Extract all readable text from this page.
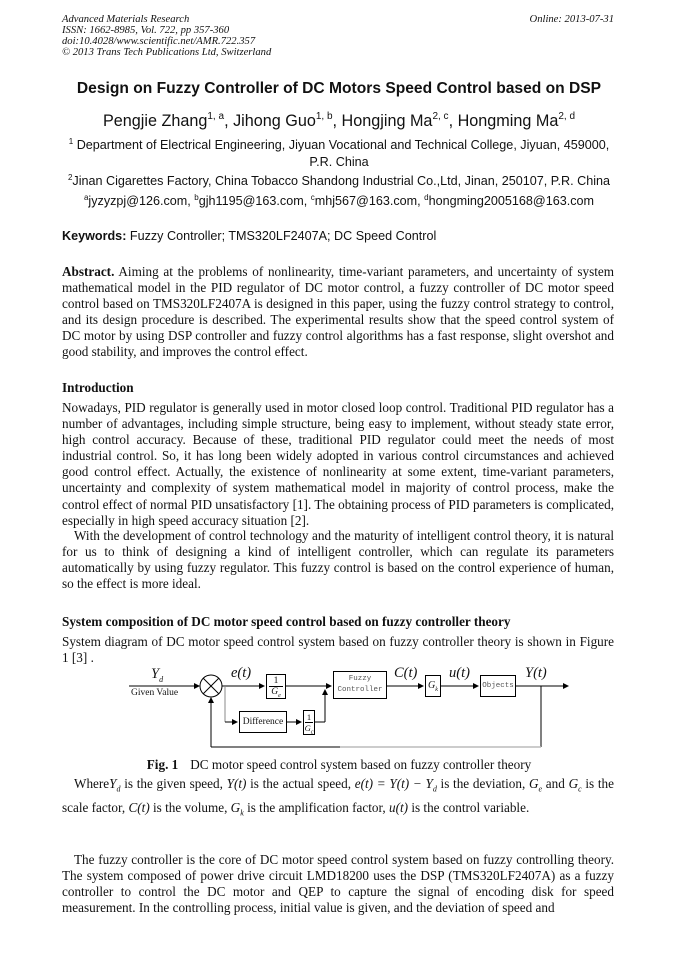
Advanced Materials Research
ISSN: 1662-8985, Vol. 722, pp 357-360
doi:10.4028/www.scientific.net/AMR.722.357
© 2013 Trans Tech Publications Ltd, Switzerland
Online: 2013-07-31
Design on Fuzzy Controller of DC Motors Speed Control based on DSP
Pengjie Zhang$^{1, a}$, Jihong Guo$^{1, b}$, Hongjing Ma$^{2, c}$, Hongming Ma$^{2, d}$
$^1$ Department of Electrical Engineering, Jiyuan Vocational and Technical College, Jiyuan, 459000,
P.R. China
$^2$Jinan Cigarettes Factory, China Tobacco Shandong Industrial Co.,Ltd, Jinan, 250107, P.R. China
$^a$jyzyzpj@126.com, $^b$gjh1195@163.com, $^c$mhj567@163.com, $^d$hongming2005168@163.com
Keywords: Fuzzy Controller; TMS320LF2407A; DC Speed Control
Abstract. Aiming at the problems of nonlinearity, time-variant parameters, and uncertainty of system mathematical model in the PID regulator of DC motor control, a fuzzy controller of DC motor speed control based on TMS320LF2407A is designed in this paper, using the fuzzy control strategy to control, and its design procedure is described. The experimental results show that the speed control system of DC motor by using DSP controller and fuzzy control algorithms has a fast response, slight overshot and good stability, and improves the control effect.
Introduction
Nowadays, PID regulator is generally used in motor closed loop control. Traditional PID regulator has a number of advantages, including simple structure, being easy to implement, without steady state error, high control accuracy. Because of these, traditional PID regulator could meet the needs of most industrial control. So, it has long been widely adopted in various control circumstances and achieved good control effect. Actually, the existence of nonlinearity at some extent, time-variant parameters, uncertainty and complexity of system mathematical model in majority of control process, make the control effect of normal PID unsatisfactory [1]. The obtaining process of PID parameters is complicated, especially in high speed accuracy situation [2].
With the development of control technology and the maturity of intelligent control theory, it is natural for us to think of designing a kind of intelligent controller, which can regulate its parameters automatically by using fuzzy regulator. This fuzzy control is based on the control experience of human, so the effect is more ideal.
System composition of DC motor speed control based on fuzzy controller theory
System diagram of DC motor speed control system based on fuzzy controller theory is shown in Figure 1 [3] .
$Y_d$
Given Value
e(t)
$\frac{1}{G_e}$
Difference	$\frac{1}{G_c}$
Fuzzy
Controller
C(t)
$G_k$
u(t)
Objects
Y(t)
Fig. 1 DC motor speed control system based on fuzzy controller theory
WhereY$_d$ is the given speed, Y(t) is the actual speed, $e(t) = Y(t) - Y_d$ is the deviation, $G_e$ and $G_c$ is the scale factor, C(t) is the volume, $G_k$ is the amplification factor, u(t) is the control variable.
The fuzzy controller is the core of DC motor speed control system based on fuzzy controlling theory. The system composed of power drive circuit LMD18200 uses the DSP (TMS320LF2407A) as a fuzzy controller to control the DC motor and QEP to capture the signal of encoding disk for speed measurement. In the controlling process, initial value is given, and the deviation of speed and
